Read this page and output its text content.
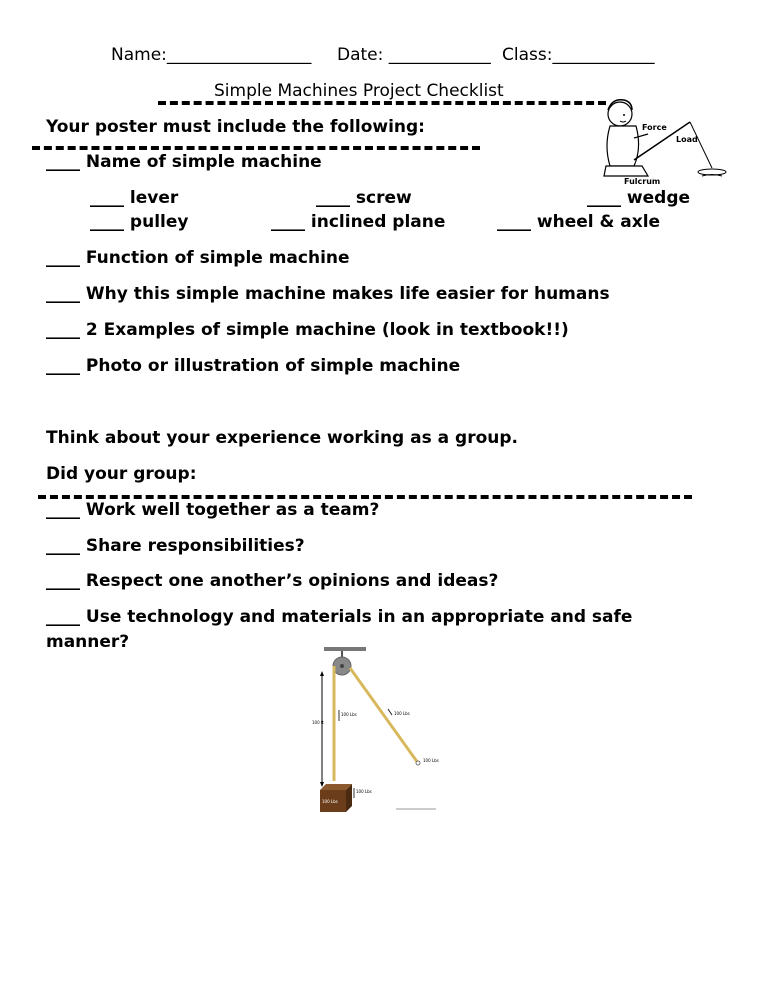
Name:_________________ Date: ____________ Class:____________
Simple Machines Project Checklist
Your poster must include the following:
____ Name of simple machine
____ lever	____ screw	____ wedge
____ pulley	____ inclined plane	____ wheel & axle
____ Function of simple machine
____ Why this simple machine makes life easier for humans
____ 2 Examples of simple machine (look in textbook!!)
____ Photo or illustration of simple machine
Force
Load
Fulcrum
Think about your experience working as a group.
Did your group:
____ Work well together as a team?
____ Share responsibilities?
____ Respect one another’s opinions and ideas?
____ Use technology and materials in an appropriate and safe
manner?
100 ft
100 Lbs	100 Lbs
100 Lbs
100 Lbs
100 Lbs
